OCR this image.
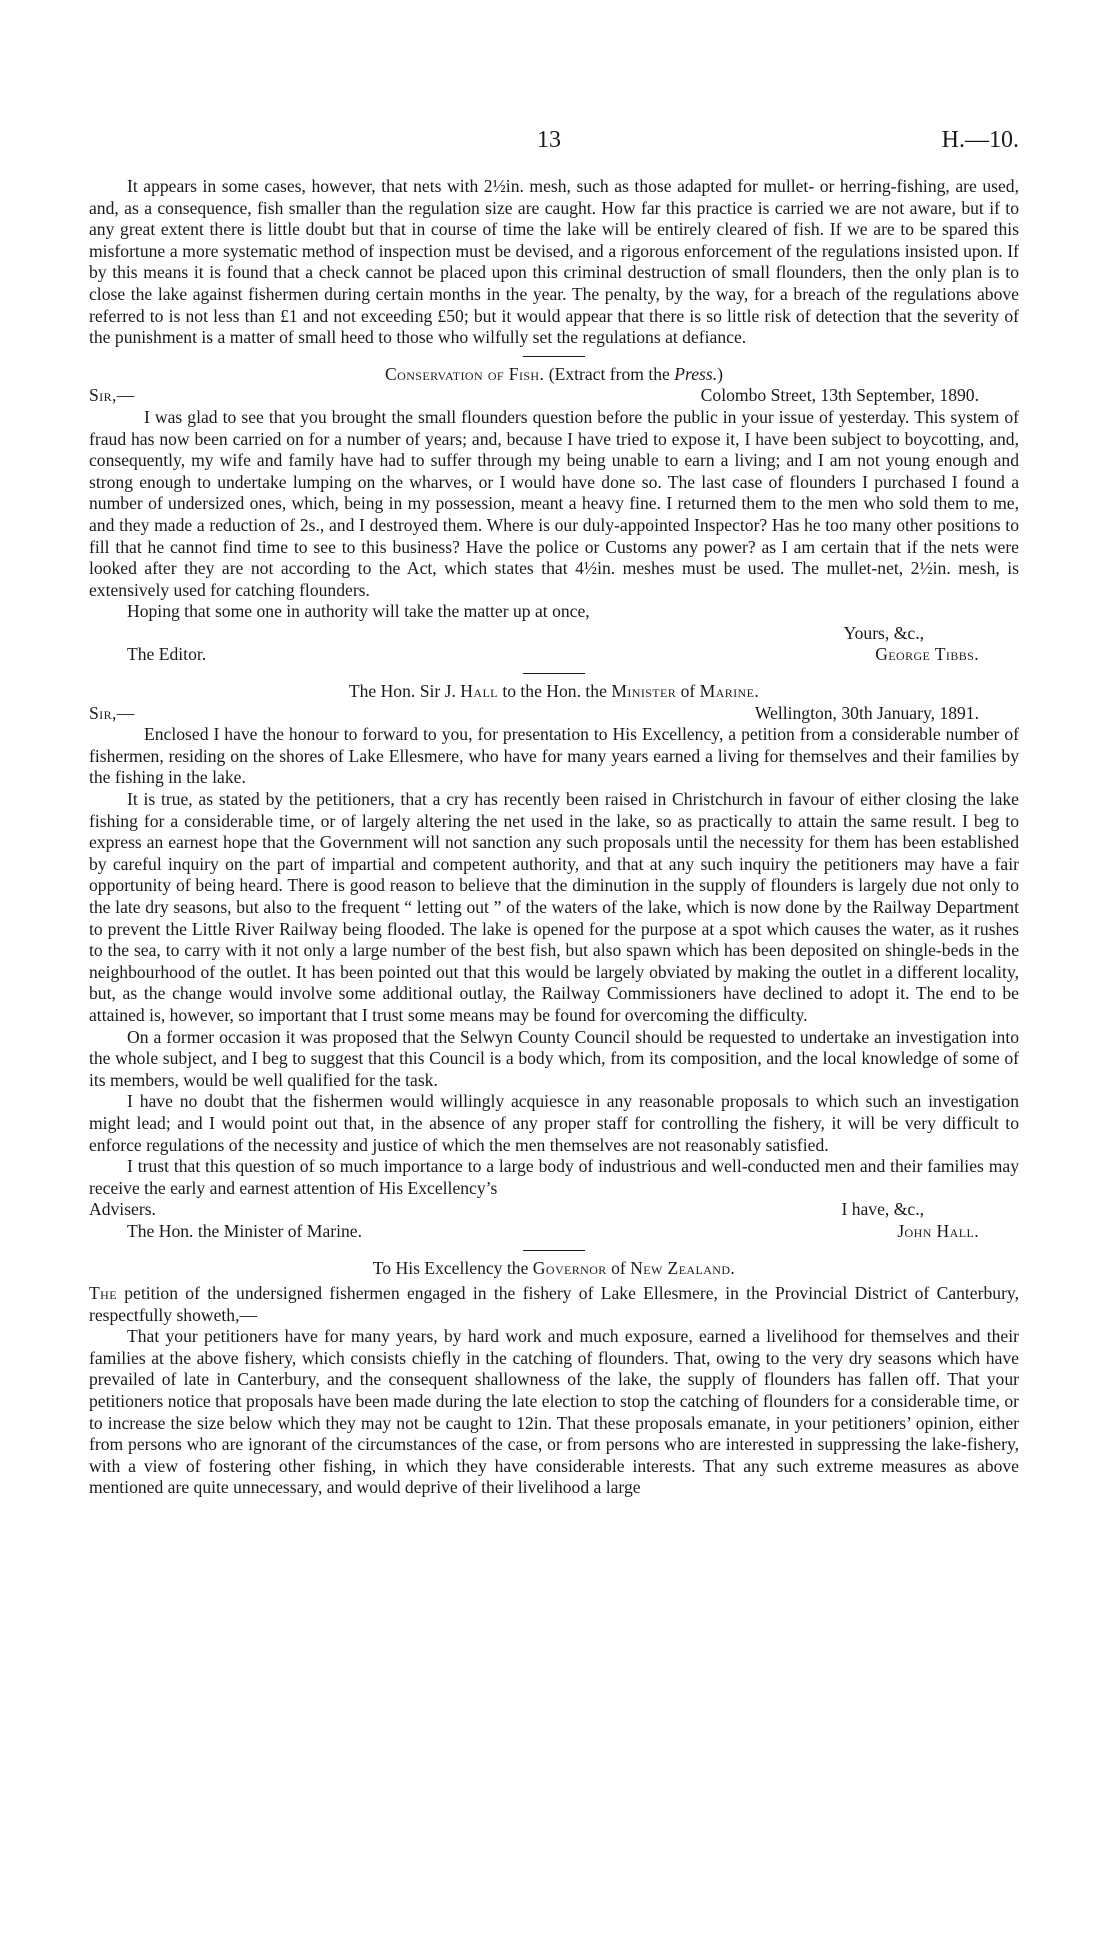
13	H.—10.

It appears in some cases, however, that nets with 2½in. mesh, such as those adapted for mullet- or herring-fishing, are used, and, as a consequence, fish smaller than the regulation size are caught. How far this practice is carried we are not aware, but if to any great extent there is little doubt but that in course of time the lake will be entirely cleared of fish. If we are to be spared this misfortune a more systematic method of inspection must be devised, and a rigorous enforcement of the regulations insisted upon. If by this means it is found that a check cannot be placed upon this criminal destruction of small flounders, then the only plan is to close the lake against fishermen during certain months in the year. The penalty, by the way, for a breach of the regulations above referred to is not less than £1 and not exceeding £50; but it would appear that there is so little risk of detection that the severity of the punishment is a matter of small heed to those who wilfully set the regulations at defiance.

Conservation of Fish. (Extract from the Press.)

Sir,—	Colombo Street, 13th September, 1890.

I was glad to see that you brought the small flounders question before the public in your issue of yesterday. This system of fraud has now been carried on for a number of years; and, because I have tried to expose it, I have been subject to boycotting, and, consequently, my wife and family have had to suffer through my being unable to earn a living; and I am not young enough and strong enough to undertake lumping on the wharves, or I would have done so. The last case of flounders I purchased I found a number of undersized ones, which, being in my possession, meant a heavy fine. I returned them to the men who sold them to me, and they made a reduction of 2s., and I destroyed them. Where is our duly-appointed Inspector? Has he too many other positions to fill that he cannot find time to see to this business? Have the police or Customs any power? as I am certain that if the nets were looked after they are not according to the Act, which states that 4½in. meshes must be used. The mullet-net, 2½in. mesh, is extensively used for catching flounders.

Hoping that some one in authority will take the matter up at once,

Yours, &c.,

The Editor.	George Tibbs.

The Hon. Sir J. Hall to the Hon. the Minister of Marine.

Sir,—	Wellington, 30th January, 1891.

Enclosed I have the honour to forward to you, for presentation to His Excellency, a petition from a considerable number of fishermen, residing on the shores of Lake Ellesmere, who have for many years earned a living for themselves and their families by the fishing in the lake.

It is true, as stated by the petitioners, that a cry has recently been raised in Christchurch in favour of either closing the lake fishing for a considerable time, or of largely altering the net used in the lake, so as practically to attain the same result. I beg to express an earnest hope that the Government will not sanction any such proposals until the necessity for them has been established by careful inquiry on the part of impartial and competent authority, and that at any such inquiry the petitioners may have a fair opportunity of being heard. There is good reason to believe that the diminution in the supply of flounders is largely due not only to the late dry seasons, but also to the frequent “ letting out ” of the waters of the lake, which is now done by the Railway Department to prevent the Little River Railway being flooded. The lake is opened for the purpose at a spot which causes the water, as it rushes to the sea, to carry with it not only a large number of the best fish, but also spawn which has been deposited on shingle-beds in the neighbourhood of the outlet. It has been pointed out that this would be largely obviated by making the outlet in a different locality, but, as the change would involve some additional outlay, the Railway Commissioners have declined to adopt it. The end to be attained is, however, so important that I trust some means may be found for overcoming the difficulty.

On a former occasion it was proposed that the Selwyn County Council should be requested to undertake an investigation into the whole subject, and I beg to suggest that this Council is a body which, from its composition, and the local knowledge of some of its members, would be well qualified for the task.

I have no doubt that the fishermen would willingly acquiesce in any reasonable proposals to which such an investigation might lead; and I would point out that, in the absence of any proper staff for controlling the fishery, it will be very difficult to enforce regulations of the necessity and justice of which the men themselves are not reasonably satisfied.

I trust that this question of so much importance to a large body of industrious and well-conducted men and their families may receive the early and earnest attention of His Excellency’s

Advisers.	I have, &c.,
The Hon. the Minister of Marine.	John Hall.

To His Excellency the Governor of New Zealand.

The petition of the undersigned fishermen engaged in the fishery of Lake Ellesmere, in the Provincial District of Canterbury, respectfully showeth,—

That your petitioners have for many years, by hard work and much exposure, earned a livelihood for themselves and their families at the above fishery, which consists chiefly in the catching of flounders. That, owing to the very dry seasons which have prevailed of late in Canterbury, and the consequent shallowness of the lake, the supply of flounders has fallen off. That your petitioners notice that proposals have been made during the late election to stop the catching of flounders for a considerable time, or to increase the size below which they may not be caught to 12in. That these proposals emanate, in your petitioners’ opinion, either from persons who are ignorant of the circumstances of the case, or from persons who are interested in suppressing the lake-fishery, with a view of fostering other fishing, in which they have considerable interests. That any such extreme measures as above mentioned are quite unnecessary, and would deprive of their livelihood a large
